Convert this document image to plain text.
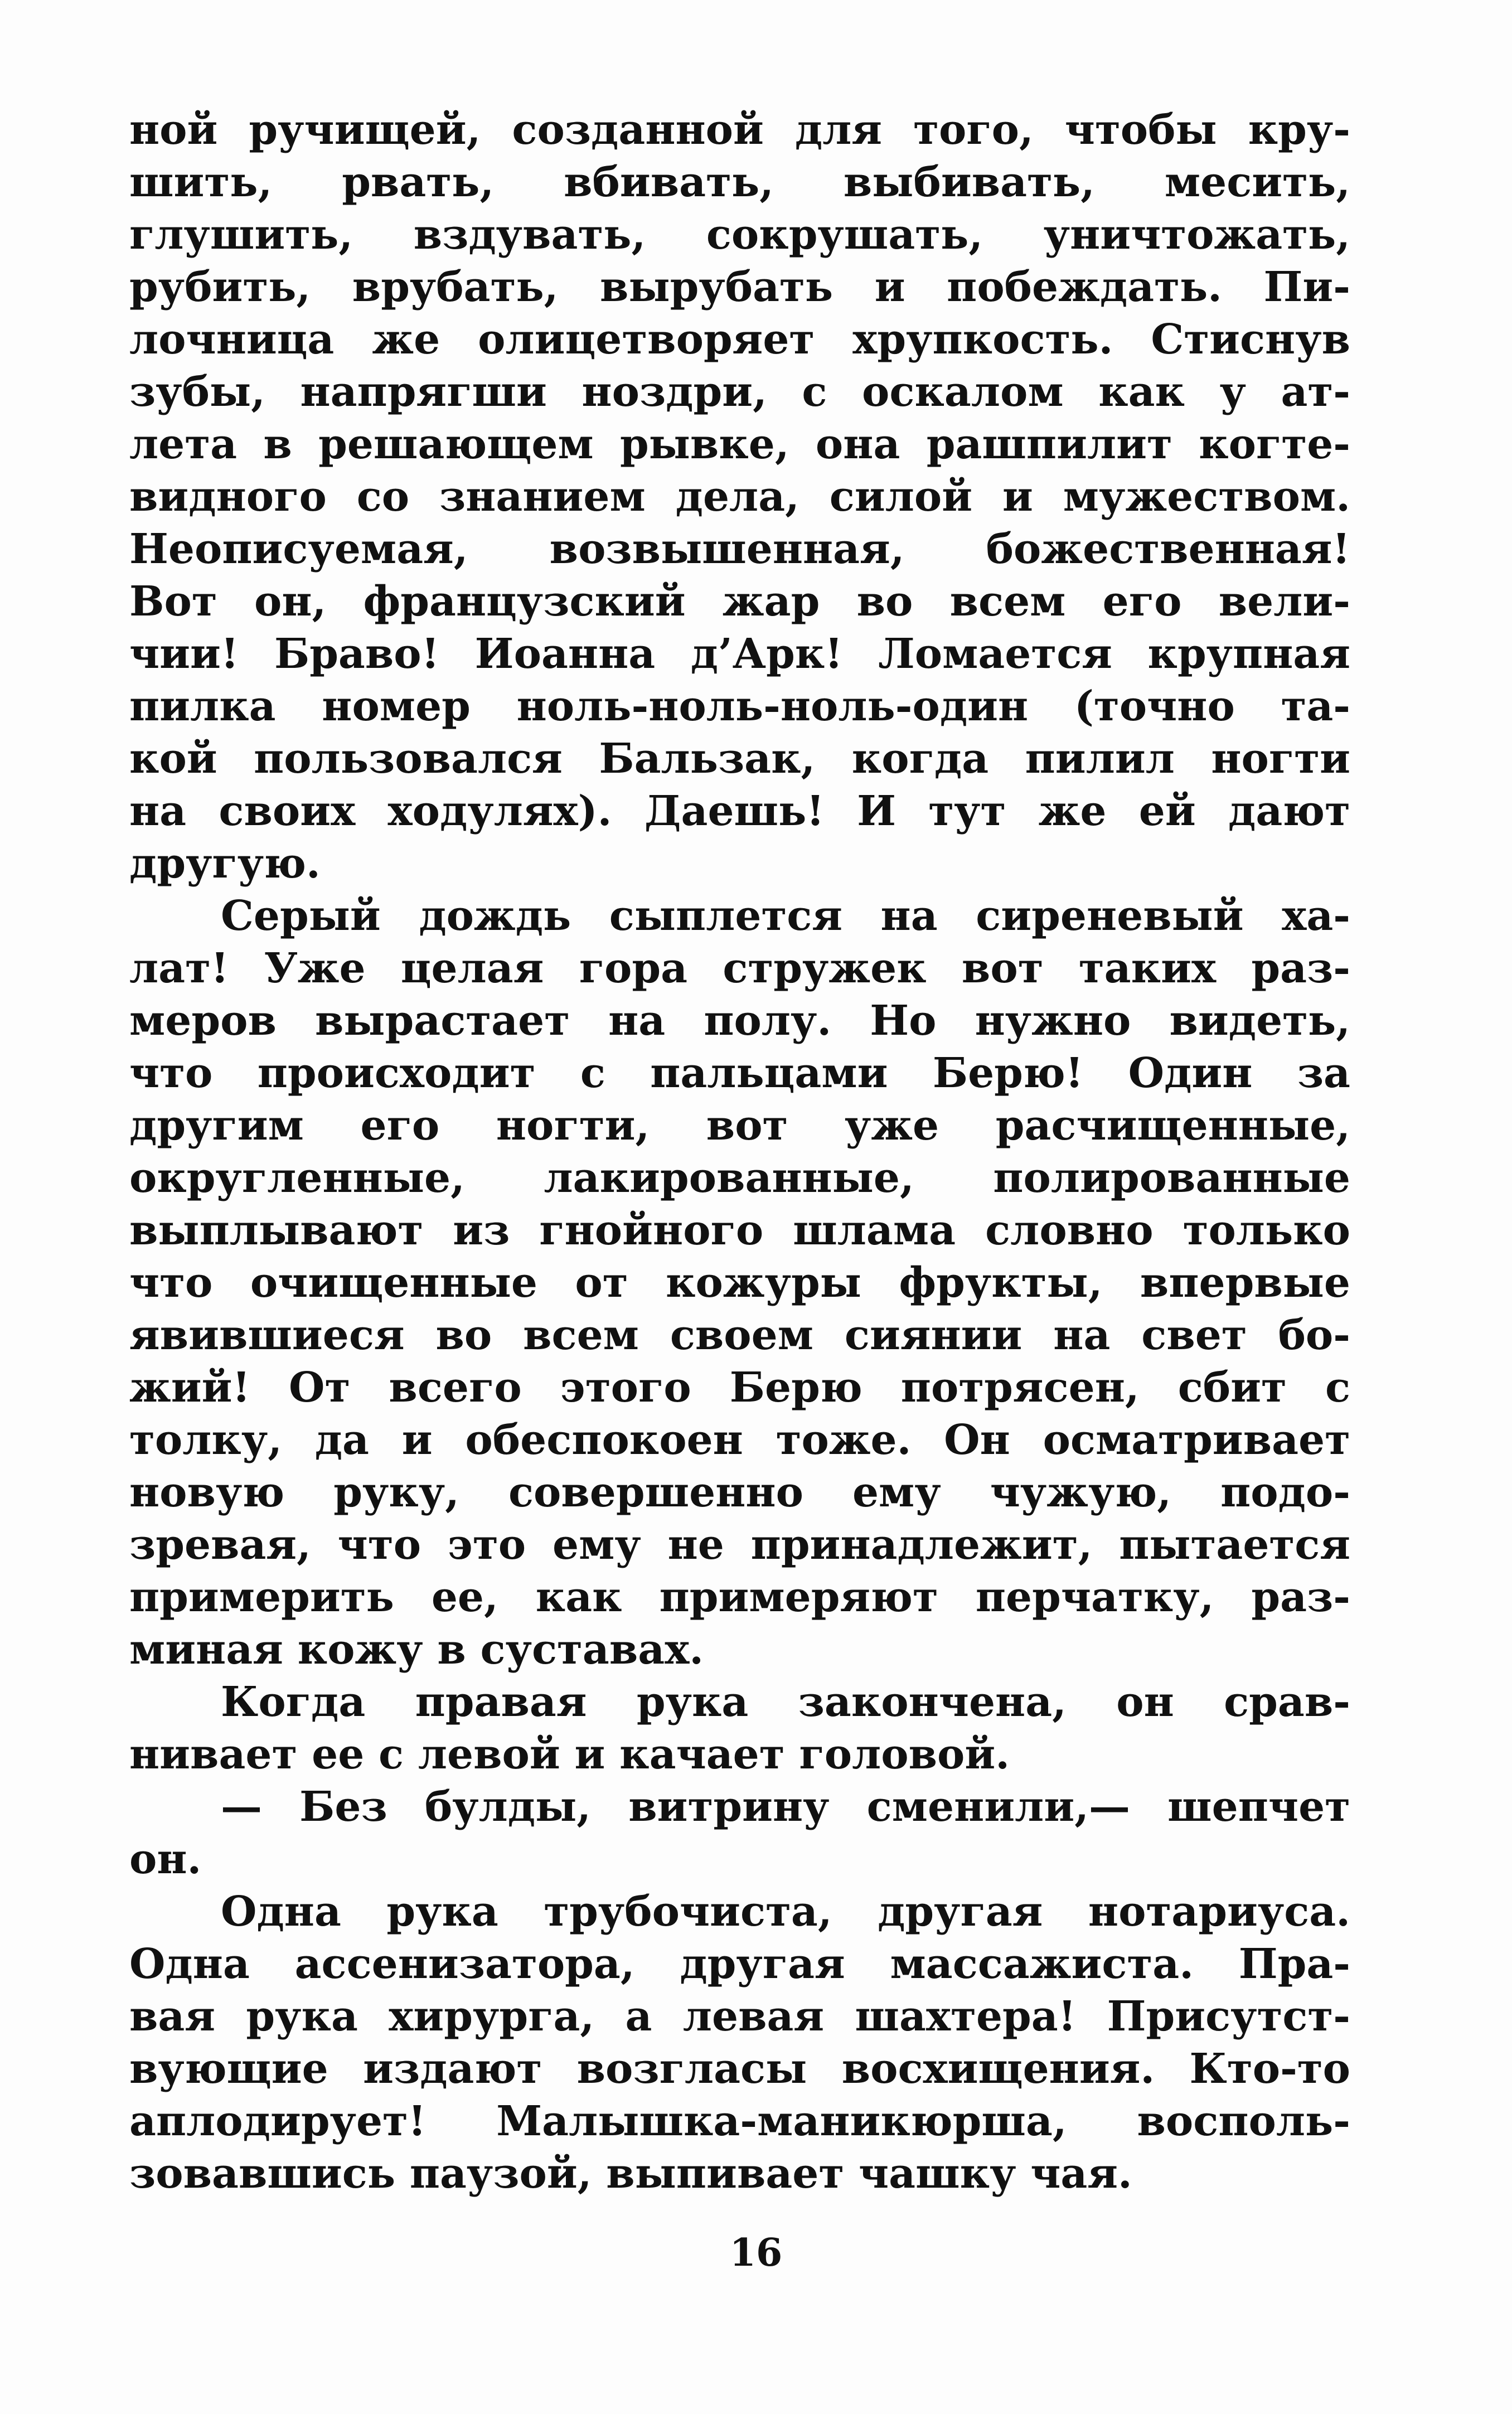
ной ручищей, созданной для того, чтобы кру-
шить, рвать, вбивать, выбивать, месить,
глушить, вздувать, сокрушать, уничтожать,
рубить, врубать, вырубать и побеждать. Пи-
лочница же олицетворяет хрупкость. Стиснув
зубы, напрягши ноздри, с оскалом как у ат-
лета в решающем рывке, она рашпилит когте-
видного со знанием дела, силой и мужеством.
Неописуемая, возвышенная, божественная!
Вот он, французский жар во всем его вели-
чии! Браво! Иоанна д’Арк! Ломается крупная
пилка номер ноль-ноль-ноль-один (точно та-
кой пользовался Бальзак, когда пилил ногти
на своих ходулях). Даешь! И тут же ей дают
другую.
Серый дождь сыплется на сиреневый ха-
лат! Уже целая гора стружек вот таких раз-
меров вырастает на полу. Но нужно видеть,
что происходит с пальцами Берю! Один за
другим его ногти, вот уже расчищенные,
округленные, лакированные, полированные
выплывают из гнойного шлама словно только
что очищенные от кожуры фрукты, впервые
явившиеся во всем своем сиянии на свет бо-
жий! От всего этого Берю потрясен, сбит с
толку, да и обеспокоен тоже. Он осматривает
новую руку, совершенно ему чужую, подо-
зревая, что это ему не принадлежит, пытается
примерить ее, как примеряют перчатку, раз-
миная кожу в суставах.
Когда правая рука закончена, он срав-
нивает ее с левой и качает головой.
— Без булды, витрину сменили,— шепчет
он.
Одна рука трубочиста, другая нотариуса.
Одна ассенизатора, другая массажиста. Пра-
вая рука хирурга, а левая шахтера! Присутст-
вующие издают возгласы восхищения. Кто-то
аплодирует! Малышка-маникюрша, восполь-
зовавшись паузой, выпивает чашку чая.
16
